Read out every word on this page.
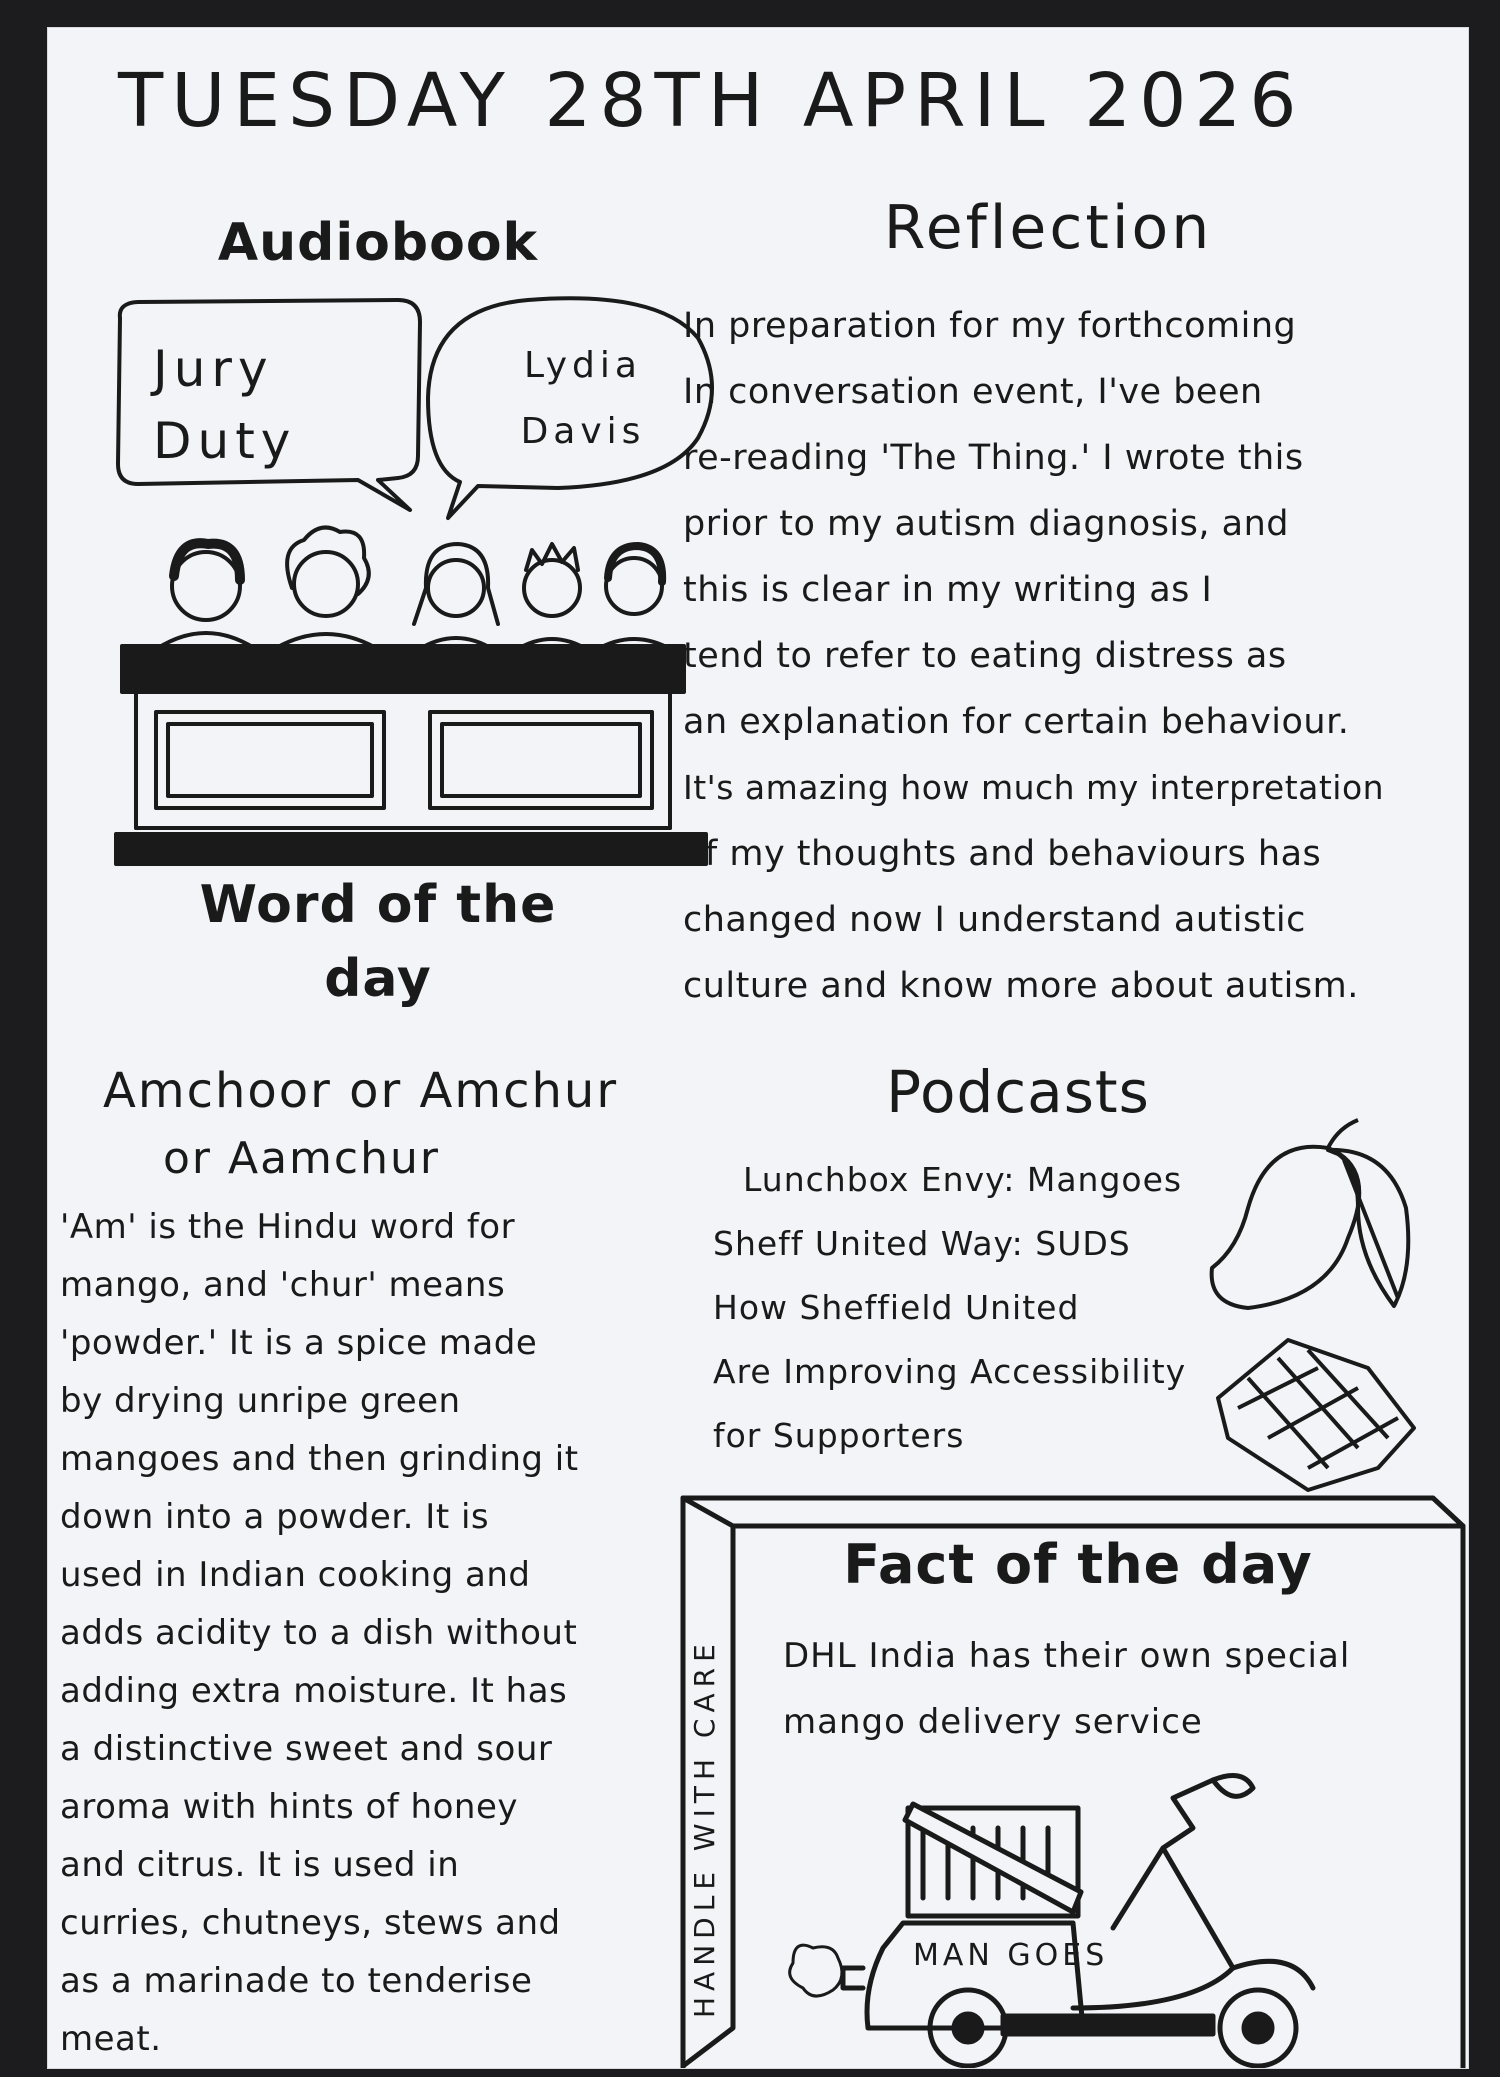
TUESDAY 28TH APRIL 2026
Audiobook
Jury
Duty
Lydia
Davis
Reflection
In preparation for my forthcoming
In conversation event, I've been
re-reading 'The Thing.' I wrote this
prior to my autism diagnosis, and
this is clear in my writing as I
tend to refer to eating distress as
an explanation for certain behaviour.
It's amazing how much my interpretation
of my thoughts and behaviours has
changed now I understand autistic
culture and know more about autism.
Word of the
day
Amchoor or Amchur
or Aamchur
'Am' is the Hindu word for
mango, and 'chur' means
'powder.' It is a spice made
by drying unripe green
mangoes and then grinding it
down into a powder. It is
used in Indian cooking and
adds acidity to a dish without
adding extra moisture. It has
a distinctive sweet and sour
aroma with hints of honey
and citrus. It is used in
curries, chutneys, stews and
as a marinade to tenderise
meat.
Podcasts
Lunchbox Envy: Mangoes
Sheff United Way: SUDS
How Sheffield United
Are Improving Accessibility
for Supporters
Fact of the day
DHL India has their own special
mango delivery service
HANDLE WITH CARE	MAN GOES
